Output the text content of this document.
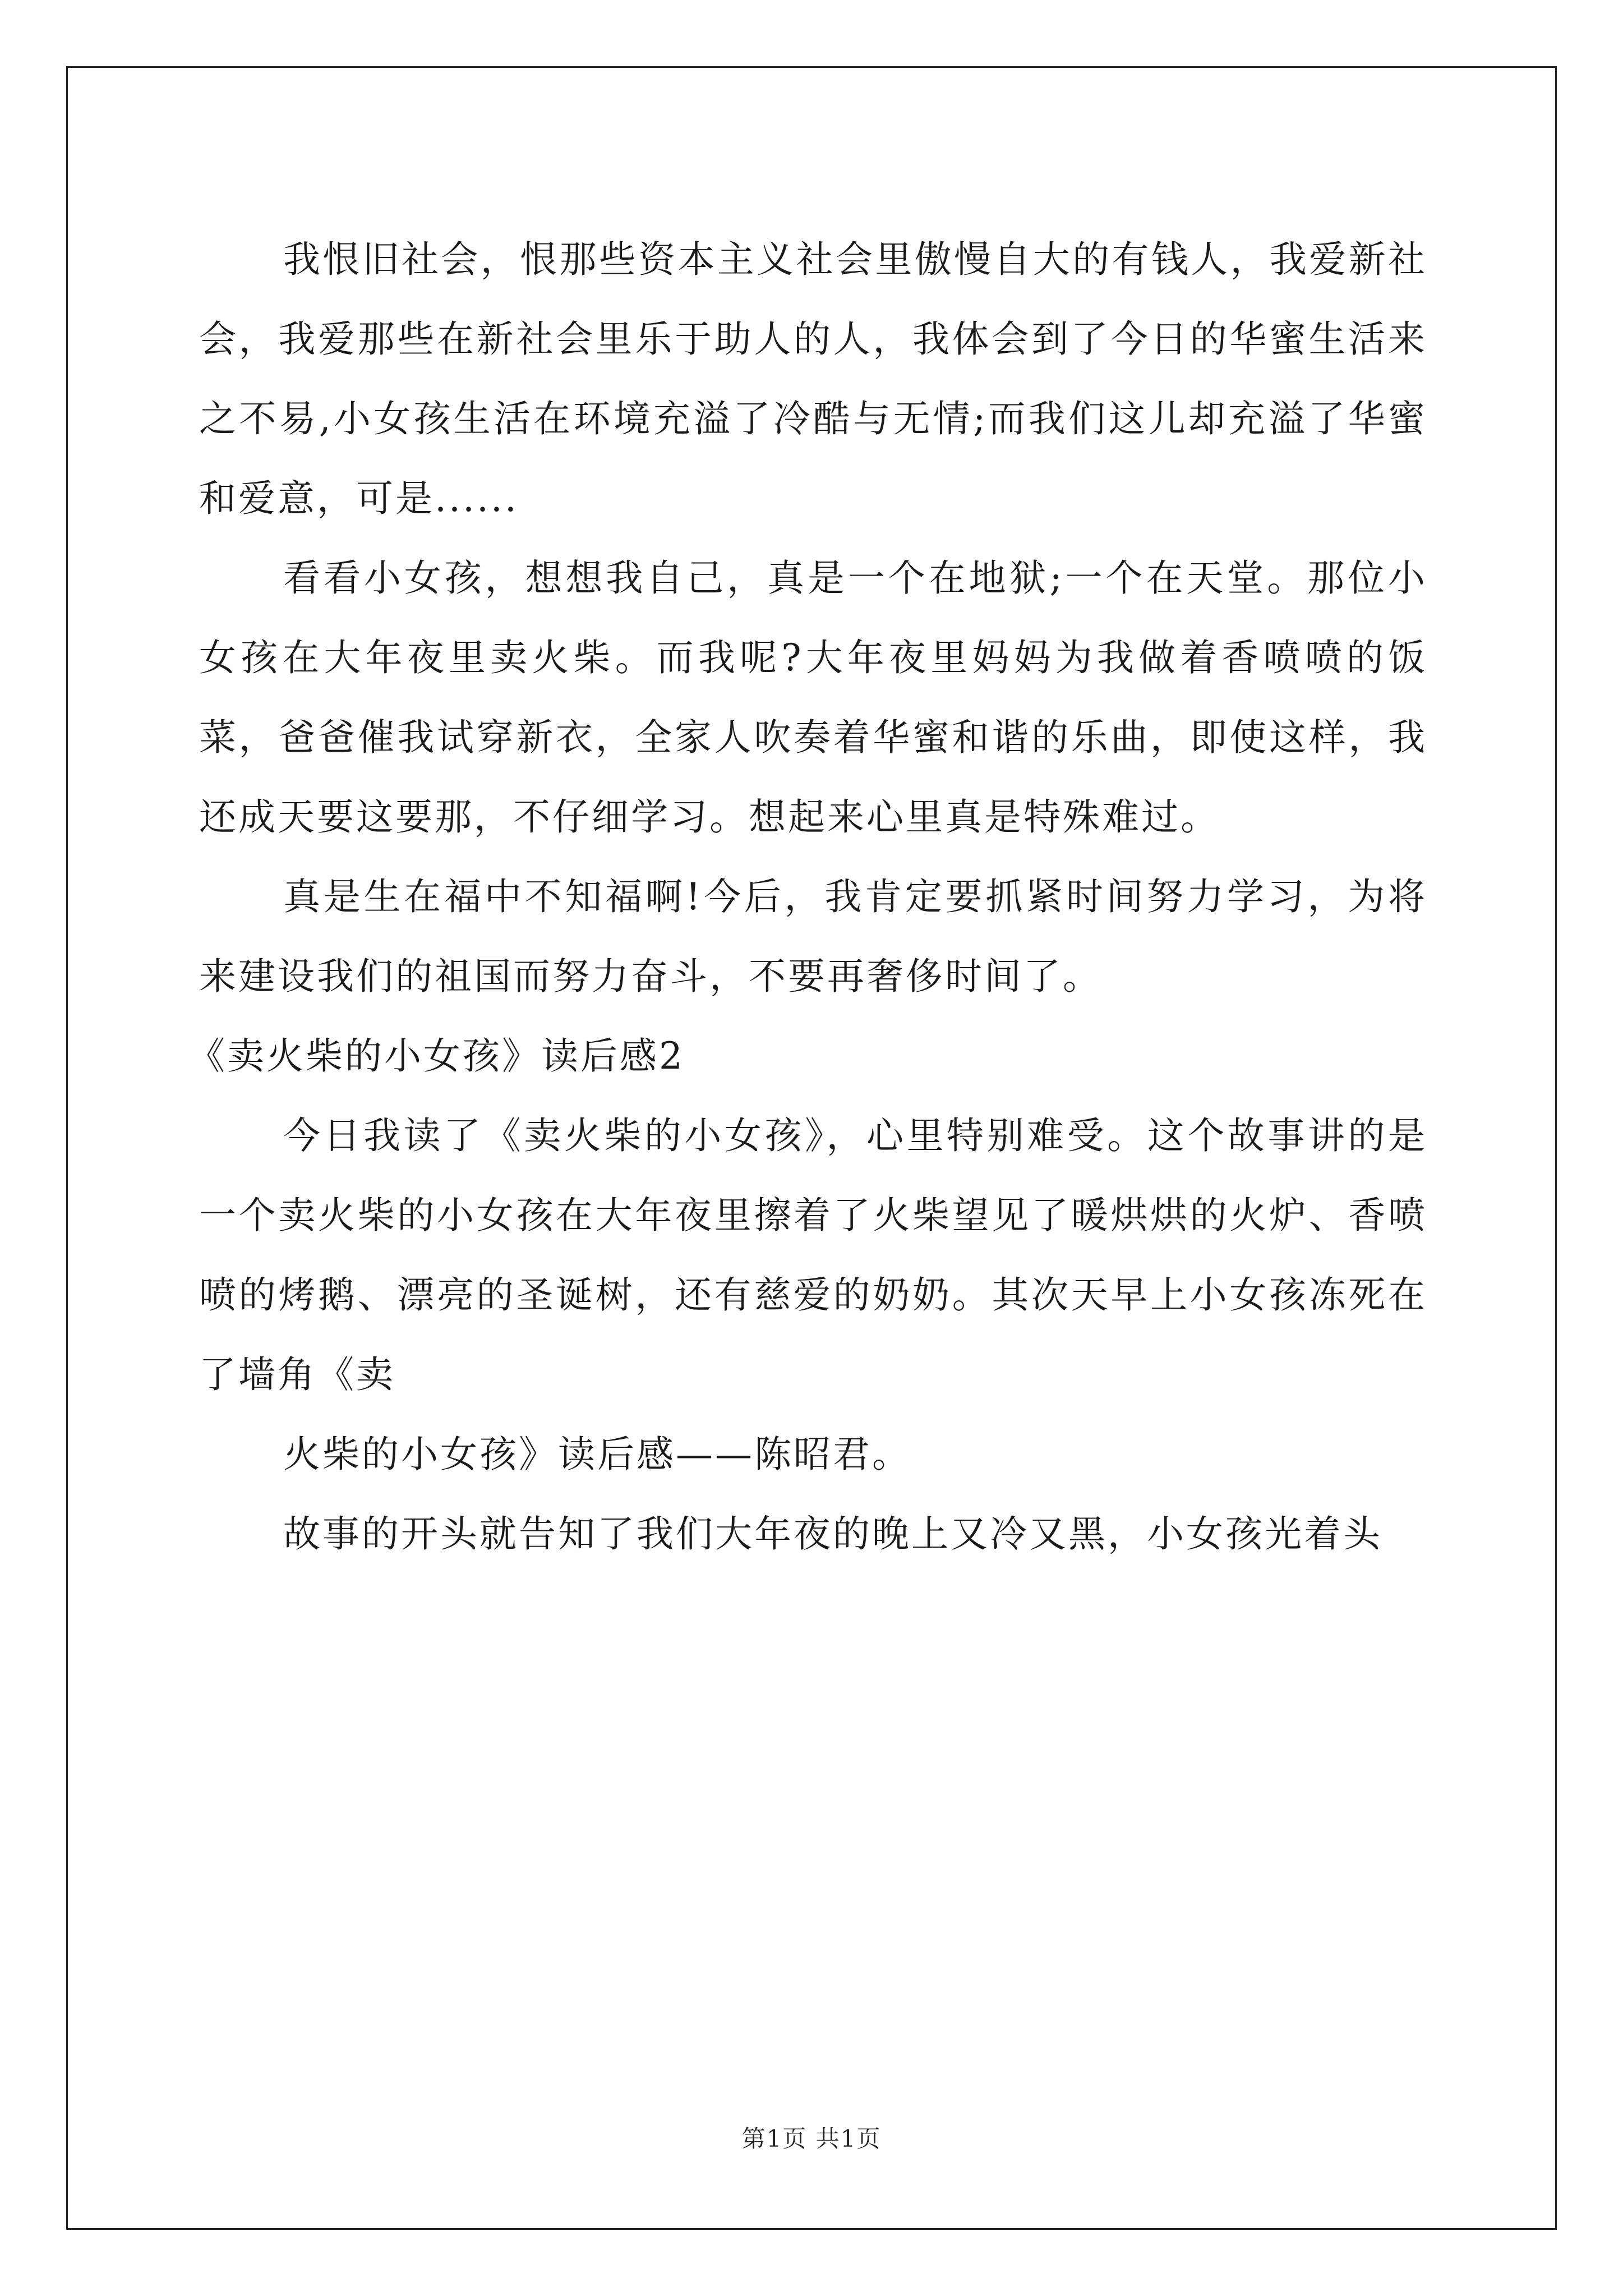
我恨旧社会，恨那些资本主义社会里傲慢自大的有钱人，我爱新社会，我爱那些在新社会里乐于助人的人，我体会到了今日的华蜜生活来之不易,小女孩生活在环境充溢了冷酷与无情;而我们这儿却充溢了华蜜和爱意，可是......

看看小女孩，想想我自己，真是一个在地狱;一个在天堂。那位小女孩在大年夜里卖火柴。而我呢?大年夜里妈妈为我做着香喷喷的饭菜，爸爸催我试穿新衣，全家人吹奏着华蜜和谐的乐曲，即使这样，我还成天要这要那，不仔细学习。想起来心里真是特殊难过。

真是生在福中不知福啊!今后，我肯定要抓紧时间努力学习，为将来建设我们的祖国而努力奋斗，不要再奢侈时间了。

《卖火柴的小女孩》读后感2

今日我读了《卖火柴的小女孩》，心里特别难受。这个故事讲的是一个卖火柴的小女孩在大年夜里擦着了火柴望见了暖烘烘的火炉、香喷喷的烤鹅、漂亮的圣诞树，还有慈爱的奶奶。其次天早上小女孩冻死在了墙角《卖

火柴的小女孩》读后感——陈昭君。

故事的开头就告知了我们大年夜的晚上又冷又黑，小女孩光着头

第1页 共1页
